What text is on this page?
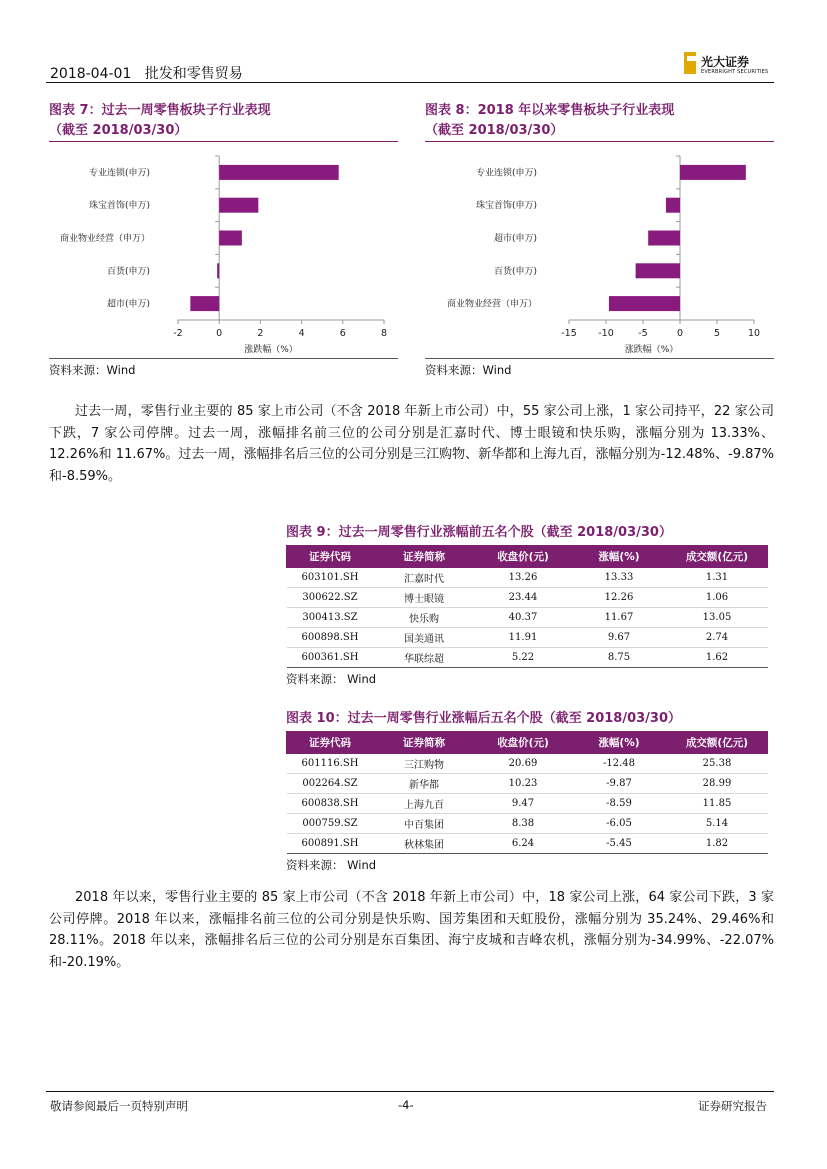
2018-04-01 批发和零售贸易
光大证券
EVERBRIGHT SECURITIES
图表 7：过去一周零售板块子行业表现
（截至 2018/03/30）
-2	0	2	4	6	8
专业连锁(申万)
珠宝首饰(申万)
商业物业经营（申万）
百货(申万)
超市(申万)
涨跌幅（%）
资料来源：Wind
图表 8：2018 年以来零售板块子行业表现
（截至 2018/03/30）
-15 -10	-5	0	5	10
专业连锁(申万)
珠宝首饰(申万)
超市(申万)
百货(申万)
商业物业经营（申万）
涨跌幅（%）
资料来源：Wind

过去一周，零售行业主要的 85 家上市公司（不含 2018 年新上市公司）中，55 家公司上涨，1 家公司持平，22 家公司下跌，7 家公司停牌。过去一周，涨幅排名前三位的公司分别是汇嘉时代、博士眼镜和快乐购，涨幅分别为 13.33%、12.26%和 11.67%。过去一周，涨幅排名后三位的公司分别是三江购物、新华都和上海九百，涨幅分别为-12.48%、-9.87%和-8.59%。

图表 9：过去一周零售行业涨幅前五名个股（截至 2018/03/30）
证券代码	证券简称	收盘价(元)	涨幅(%)	成交额(亿元)
603101.SH	汇嘉时代	13.26	13.33	1.31
300622.SZ	博士眼镜	23.44	12.26	1.06
300413.SZ	快乐购	40.37	11.67	13.05
600898.SH	国美通讯	11.91	9.67	2.74
600361.SH	华联综超	5.22	8.75	1.62
资料来源： Wind
图表 10：过去一周零售行业涨幅后五名个股（截至 2018/03/30）
证券代码	证券简称	收盘价(元)	涨幅(%)	成交额(亿元)
601116.SH	三江购物	20.69	-12.48	25.38
002264.SZ	新华都	10.23	-9.87	28.99
600838.SH	上海九百	9.47	-8.59	11.85
000759.SZ	中百集团	8.38	-6.05	5.14
600891.SH	秋林集团	6.24	-5.45	1.82
资料来源： Wind

2018 年以来，零售行业主要的 85 家上市公司（不含 2018 年新上市公司）中，18 家公司上涨，64 家公司下跌，3 家公司停牌。2018 年以来，涨幅排名前三位的公司分别是快乐购、国芳集团和天虹股份，涨幅分别为 35.24%、29.46%和 28.11%。2018 年以来，涨幅排名后三位的公司分别是东百集团、海宁皮城和吉峰农机，涨幅分别为-34.99%、-22.07%和-20.19%。

敬请参阅最后一页特别声明	-4-	证券研究报告
